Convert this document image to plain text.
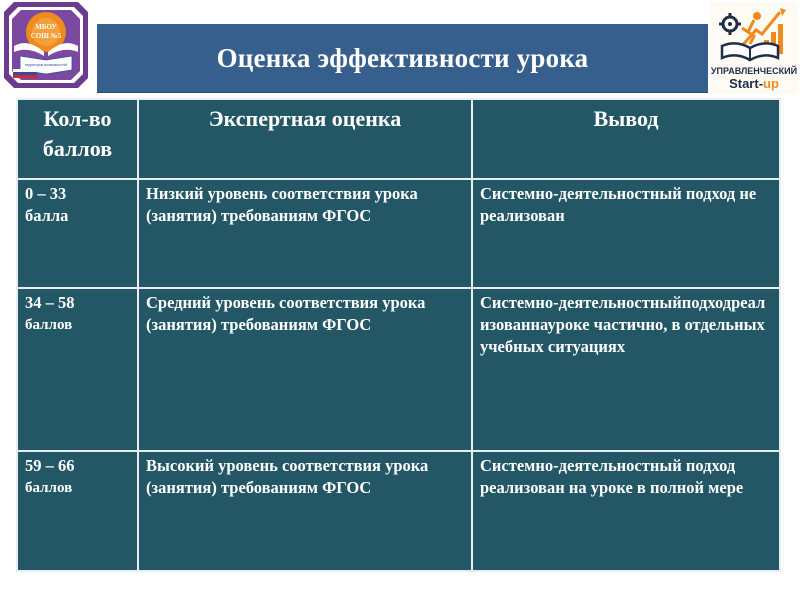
МБОУ
СОШ №5
территория возможностей	Оценка эффективности урока	УПРАВЛЕНЧЕСКИЙ
Start-up
Кол-во
баллов	Экспертная оценка	Вывод

0 – 33
балла	Низкий уровень соответствия урока (занятия) требованиям ФГОС	Системно-деятельностный подход не реализован

34 – 58
баллов	Средний уровень соответствия урока (занятия) требованиям ФГОС	Системно-деятельностныйподходреализованнауроке частично, в отдельных учебных ситуациях

59 – 66
баллов	Высокий уровень соответствия урока (занятия) требованиям ФГОС	Системно-деятельностный подход реализован на уроке в полной мере
